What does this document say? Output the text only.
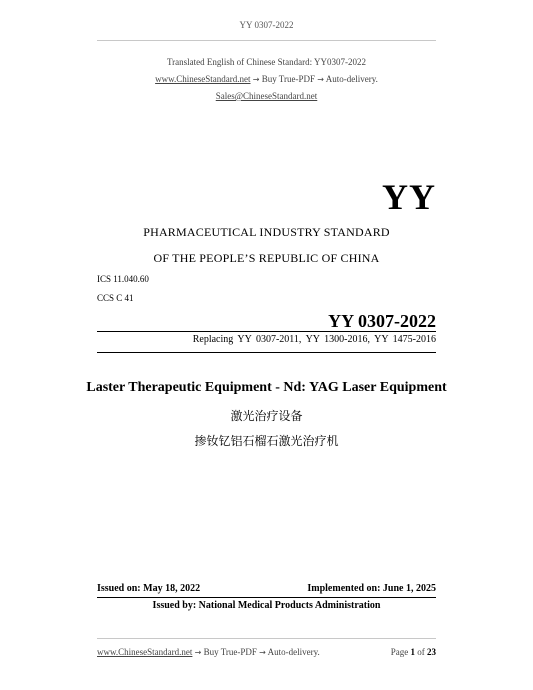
YY 0307-2022
Translated English of Chinese Standard: YY0307-2022
www.ChineseStandard.net → Buy True-PDF → Auto-delivery.
Sales@ChineseStandard.net
YY
PHARMACEUTICAL INDUSTRY STANDARD
OF THE PEOPLE’S REPUBLIC OF CHINA
ICS 11.040.60
CCS C 41
YY 0307-2022
Replacing YY 0307-2011, YY 1300-2016, YY 1475-2016
Laster Therapeutic Equipment - Nd: YAG Laser Equipment
激光治疗设备
掺钕钇铝石榴石激光治疗机
Issued on: May 18, 2022	Implemented on: June 1, 2025
Issued by: National Medical Products Administration
www.ChineseStandard.net → Buy True-PDF → Auto-delivery.	Page 1 of 23
